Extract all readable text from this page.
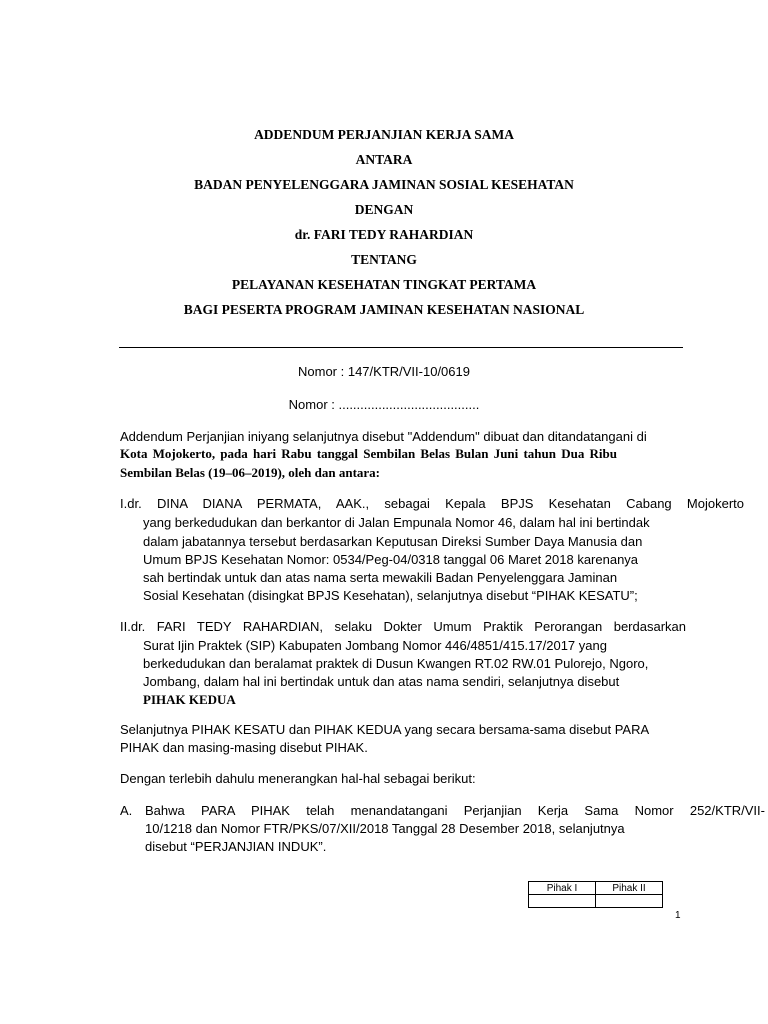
ADDENDUM PERJANJIAN KERJA SAMA
ANTARA
BADAN PENYELENGGARA JAMINAN SOSIAL KESEHATAN
DENGAN
dr. FARI TEDY RAHARDIAN
TENTANG
PELAYANAN KESEHATAN TINGKAT PERTAMA
BAGI PESERTA PROGRAM JAMINAN KESEHATAN NASIONAL
Nomor : 147/KTR/VII-10/0619
Nomor : .......................................
Addendum Perjanjian iniyang selanjutnya disebut "Addendum" dibuat dan ditandatangani di
Kota Mojokerto, pada hari Rabu tanggal Sembilan Belas Bulan Juni tahun Dua Ribu
Sembilan Belas (19–06–2019), oleh dan antara:
I.dr. DINA DIANA PERMATA, AAK., sebagai Kepala BPJS Kesehatan Cabang Mojokerto
yang berkedudukan dan berkantor di Jalan Empunala Nomor 46, dalam hal ini bertindak
dalam jabatannya tersebut berdasarkan Keputusan Direksi Sumber Daya Manusia dan
Umum BPJS Kesehatan Nomor: 0534/Peg-04/0318 tanggal 06 Maret 2018 karenanya
sah bertindak untuk dan atas nama serta mewakili Badan Penyelenggara Jaminan
Sosial Kesehatan (disingkat BPJS Kesehatan), selanjutnya disebut “PIHAK KESATU”;
II.dr. FARI TEDY RAHARDIAN, selaku Dokter Umum Praktik Perorangan berdasarkan
Surat Ijin Praktek (SIP) Kabupaten Jombang Nomor 446/4851/415.17/2017 yang
berkedudukan dan beralamat praktek di Dusun Kwangen RT.02 RW.01 Pulorejo, Ngoro,
Jombang, dalam hal ini bertindak untuk dan atas nama sendiri, selanjutnya disebut
PIHAK KEDUA
Selanjutnya PIHAK KESATU dan PIHAK KEDUA yang secara bersama-sama disebut PARA
PIHAK dan masing-masing disebut PIHAK.
Dengan terlebih dahulu menerangkan hal-hal sebagai berikut:
A. Bahwa PARA PIHAK telah menandatangani Perjanjian Kerja Sama Nomor 252/KTR/VII-
10/1218 dan Nomor FTR/PKS/07/XII/2018 Tanggal 28 Desember 2018, selanjutnya
disebut “PERJANJIAN INDUK”.
Pihak I	Pihak II

1
